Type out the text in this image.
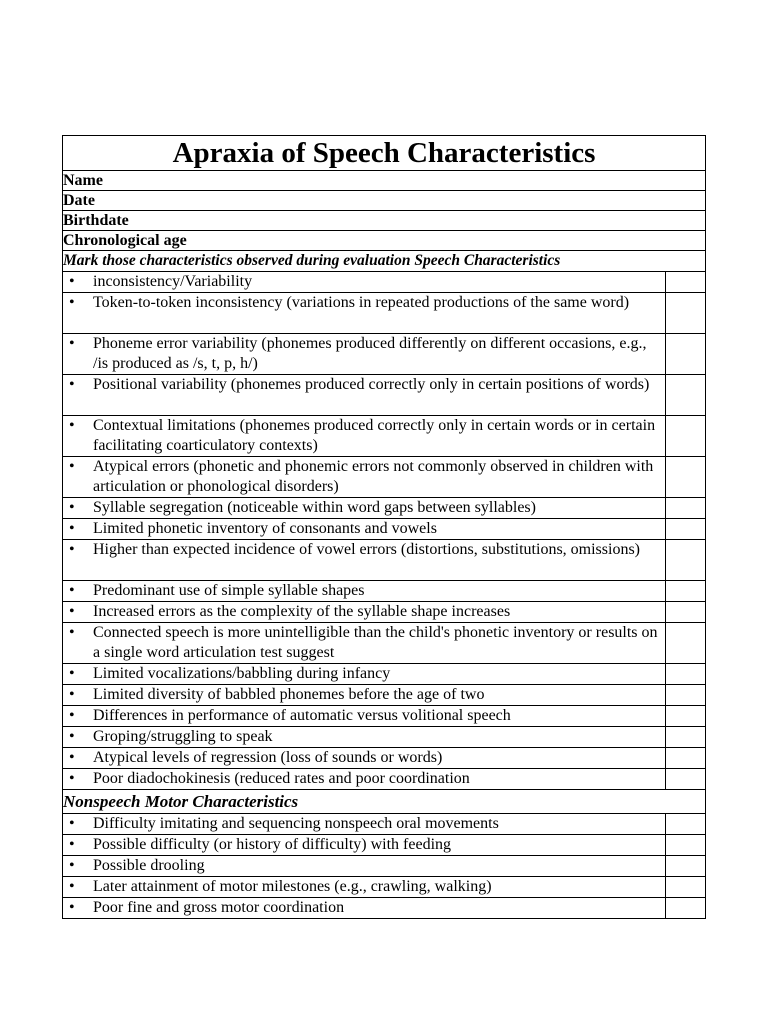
Apraxia of Speech Characteristics	
Name	
Date	
Birthdate	
Chronological age	
Mark those characteristics observed during evaluation Speech Characteristics	

• inconsistency/Variability	

• Token-to-token inconsistency (variations in repeated productions of the same word)	

• Phoneme error variability (phonemes produced differently on different occasions, e.g., /is produced as /s, t, p, h/)	

• Positional variability (phonemes produced correctly only in certain positions of words)	

• Contextual limitations (phonemes produced correctly only in certain words or in certain facilitating coarticulatory contexts)	

• Atypical errors (phonetic and phonemic errors not commonly observed in children with articulation or phonological disorders)	

• Syllable segregation (noticeable within word gaps between syllables)	

• Limited phonetic inventory of consonants and vowels	

• Higher than expected incidence of vowel errors (distortions, substitutions, omissions)	

• Predominant use of simple syllable shapes	

• Increased errors as the complexity of the syllable shape increases	

• Connected speech is more unintelligible than the child's phonetic inventory or results on a single word articulation test suggest	

• Limited vocalizations/babbling during infancy	

• Limited diversity of babbled phonemes before the age of two	

• Differences in performance of automatic versus volitional speech	

• Groping/struggling to speak	

• Atypical levels of regression (loss of sounds or words)	

• Poor diadochokinesis (reduced rates and poor coordination	

Nonspeech Motor Characteristics	

• Difficulty imitating and sequencing nonspeech oral movements	

• Possible difficulty (or history of difficulty) with feeding	

• Possible drooling	

• Later attainment of motor milestones (e.g., crawling, walking)	

• Poor fine and gross motor coordination	
